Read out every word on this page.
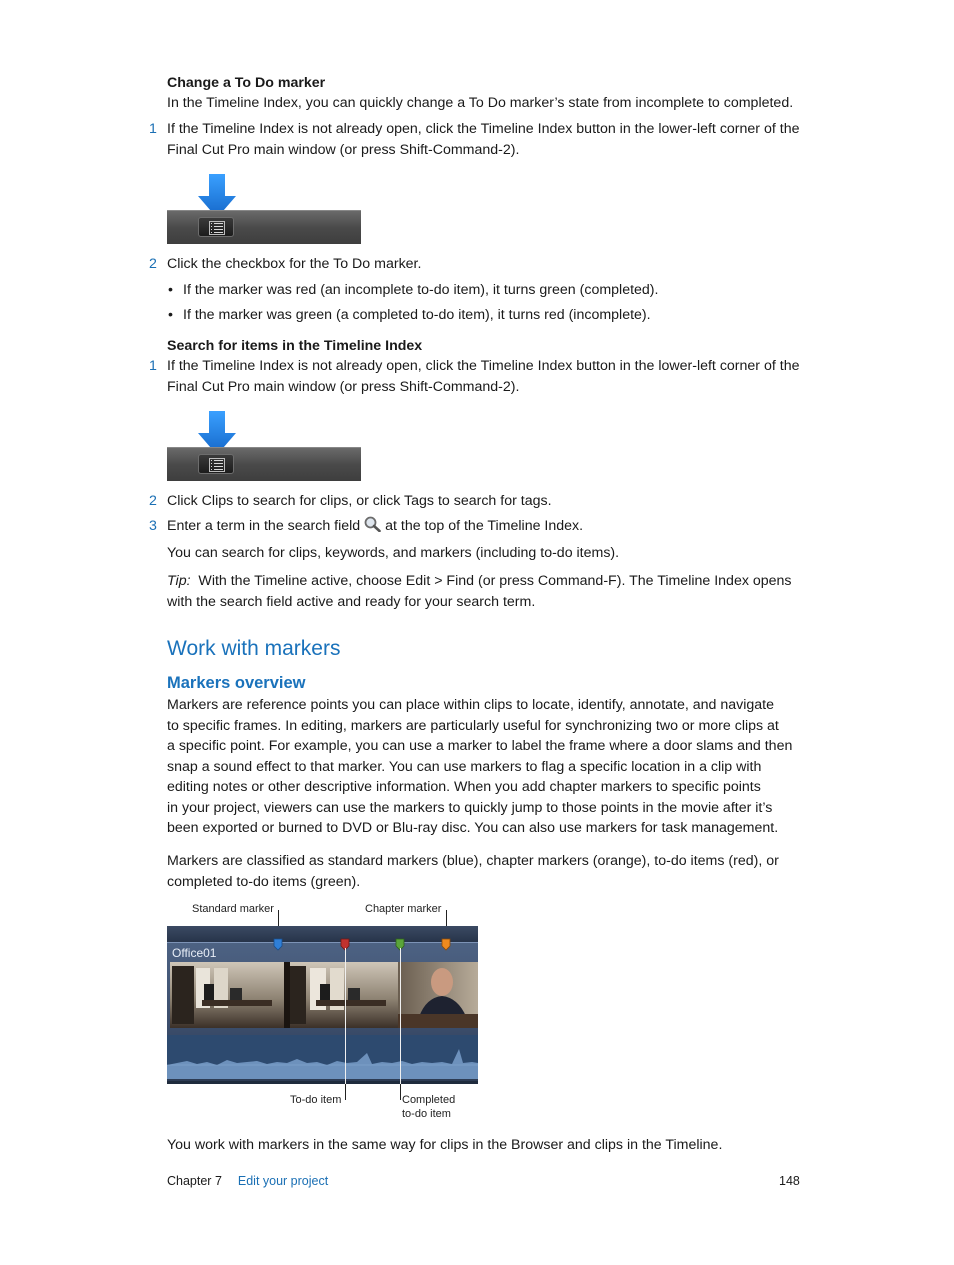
Change a To Do marker
In the Timeline Index, you can quickly change a To Do marker’s state from incomplete to completed.
1 If the Timeline Index is not already open, click the Timeline Index button in the lower-left corner of the Final Cut Pro main window (or press Shift-Command-2).
2 Click the checkbox for the To Do marker.
• If the marker was red (an incomplete to-do item), it turns green (completed).
• If the marker was green (a completed to-do item), it turns red (incomplete).
Search for items in the Timeline Index
1 If the Timeline Index is not already open, click the Timeline Index button in the lower-left corner of the Final Cut Pro main window (or press Shift-Command-2).
2 Click Clips to search for clips, or click Tags to search for tags.
3 Enter a term in the search field at the top of the Timeline Index.
You can search for clips, keywords, and markers (including to-do items).
Tip: With the Timeline active, choose Edit > Find (or press Command-F). The Timeline Index opens with the search field active and ready for your search term.
Work with markers
Markers overview
Markers are reference points you can place within clips to locate, identify, annotate, and navigate
to specific frames. In editing, markers are particularly useful for synchronizing two or more clips at
a specific point. For example, you can use a marker to label the frame where a door slams and then
snap a sound effect to that marker. You can use markers to flag a specific location in a clip with
editing notes or other descriptive information. When you add chapter markers to specific points
in your project, viewers can use the markers to quickly jump to those points in the movie after it’s
been exported or burned to DVD or Blu-ray disc. You can also use markers for task management.
Markers are classified as standard markers (blue), chapter markers (orange), to-do items (red), or
completed to-do items (green).
Standard marker	Chapter marker
Office01
To-do item	Completed
to-do item
You work with markers in the same way for clips in the Browser and clips in the Timeline.
Chapter 7 Edit your project	148
